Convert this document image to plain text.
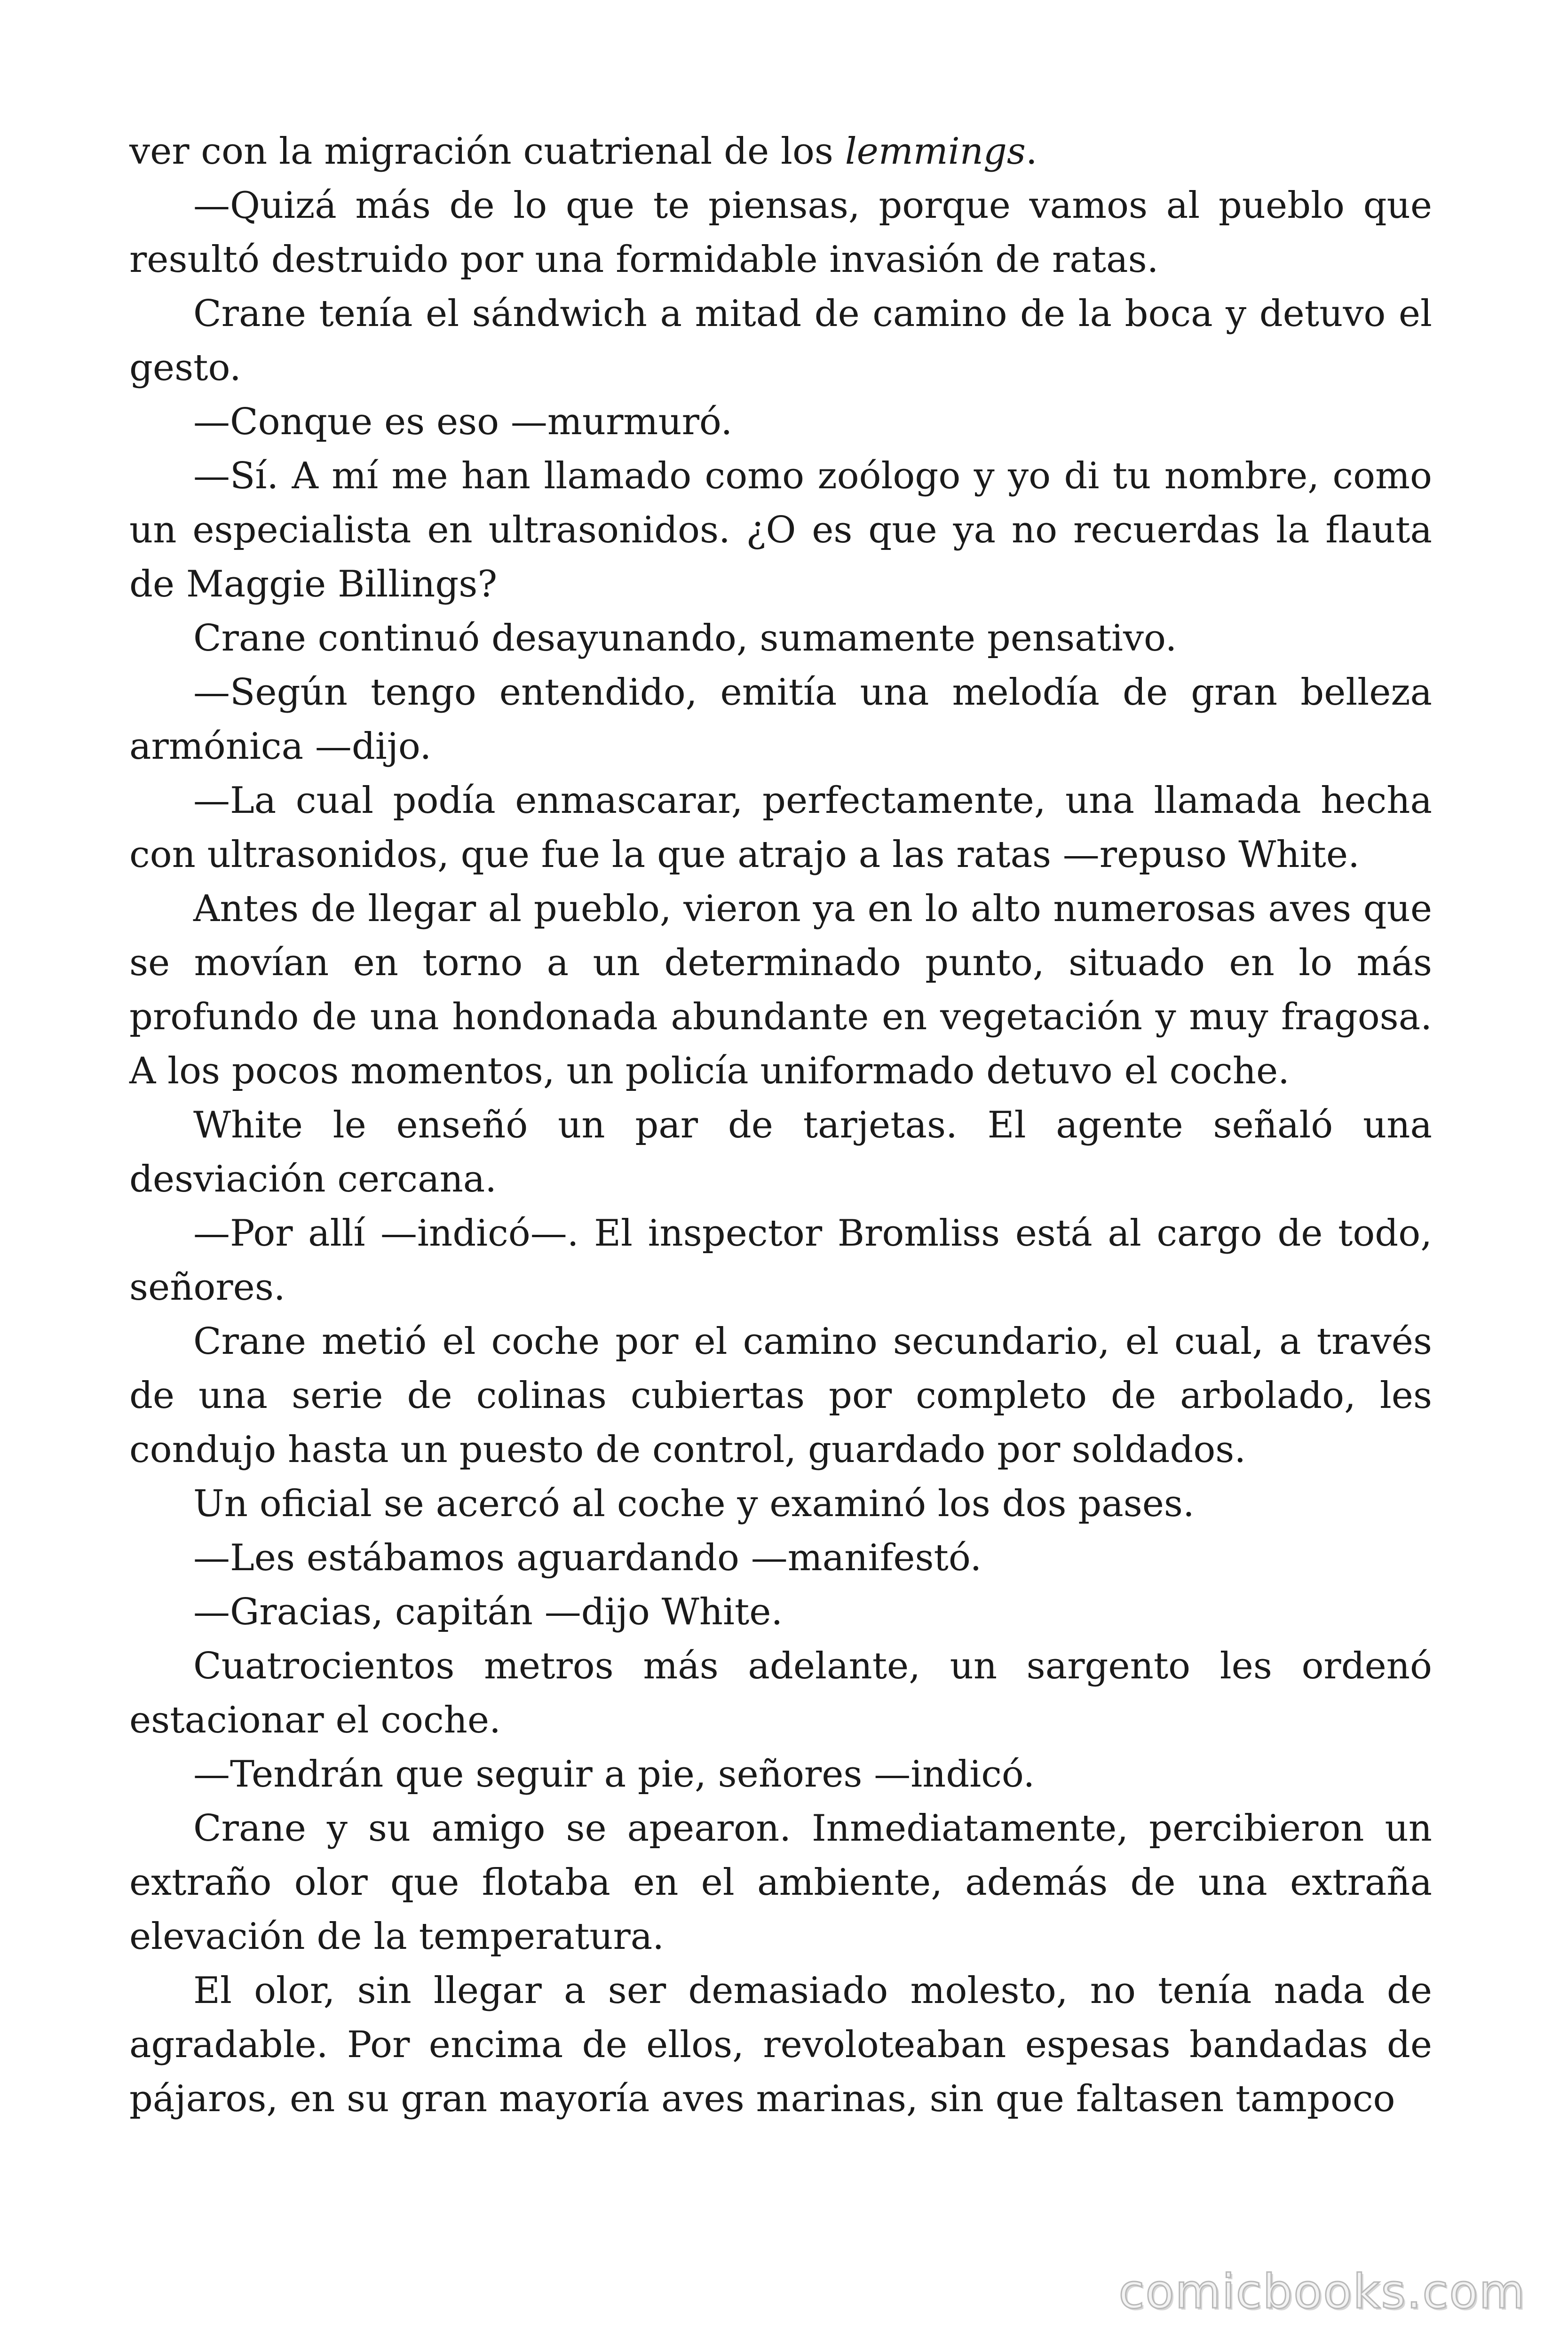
ver con la migración cuatrienal de los lemmings.

—Quizá más de lo que te piensas, porque vamos al pueblo que resultó destruido por una formidable invasión de ratas.

Crane tenía el sándwich a mitad de camino de la boca y detuvo el gesto.

—Conque es eso —murmuró.

—Sí. A mí me han llamado como zoólogo y yo di tu nombre, como un especialista en ultrasonidos. ¿O es que ya no recuerdas la flauta de Maggie Billings?

Crane continuó desayunando, sumamente pensativo.

—Según tengo entendido, emitía una melodía de gran belleza armónica —dijo.

—La cual podía enmascarar, perfectamente, una llamada hecha con ultrasonidos, que fue la que atrajo a las ratas —repuso White.

Antes de llegar al pueblo, vieron ya en lo alto numerosas aves que se movían en torno a un determinado punto, situado en lo más profundo de una hondonada abundante en vegetación y muy fragosa. A los pocos momentos, un policía uniformado detuvo el coche.

White le enseñó un par de tarjetas. El agente señaló una desviación cercana.

—Por allí —indicó—. El inspector Bromliss está al cargo de todo, señores.

Crane metió el coche por el camino secundario, el cual, a través de una serie de colinas cubiertas por completo de arbolado, les condujo hasta un puesto de control, guardado por soldados.

Un oficial se acercó al coche y examinó los dos pases.

—Les estábamos aguardando —manifestó.

—Gracias, capitán —dijo White.

Cuatrocientos metros más adelante, un sargento les ordenó estacionar el coche.

—Tendrán que seguir a pie, señores —indicó.

Crane y su amigo se apearon. Inmediatamente, percibieron un extraño olor que flotaba en el ambiente, además de una extraña elevación de la temperatura.

El olor, sin llegar a ser demasiado molesto, no tenía nada de agradable. Por encima de ellos, revoloteaban espesas bandadas de pájaros, en su gran mayoría aves marinas, sin que faltasen tampoco

comicbooks.com
